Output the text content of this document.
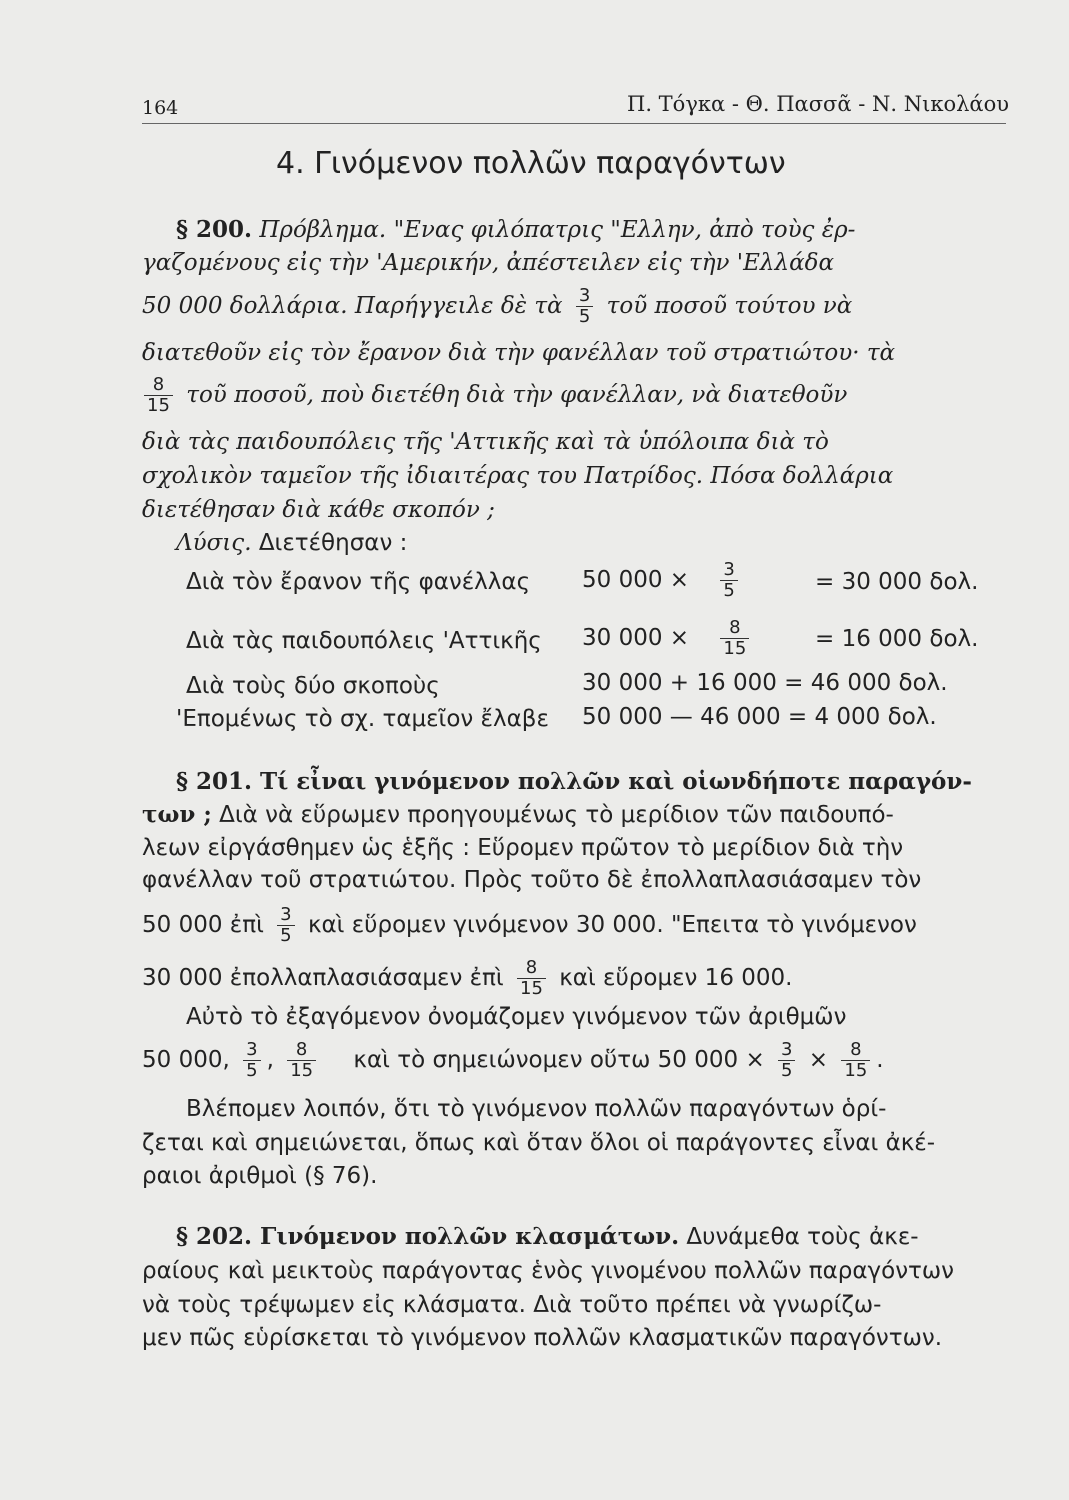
164	Π. Τόγκα - Θ. Πασσᾶ - Ν. Νικολάου
4. Γινόμενον πολλῶν παραγόντων
§ 200. Πρόβλημα. "Ενας φιλόπατρις "Ελλην, ἀπὸ τοὺς ἐρ-
γαζομένους εἰς τὴν 'Αμερικήν, ἀπέστειλεν εἰς τὴν 'Ελλάδα
50 000 δολλάρια. Παρήγγειλε δὲ τὰ $\frac{3}{5}$ τοῦ ποσοῦ τούτου νὰ
διατεθοῦν εἰς τὸν ἔρανον διὰ τὴν φανέλλαν τοῦ στρατιώτου· τὰ
$\frac{8}{15}$ τοῦ ποσοῦ, ποὺ διετέθη διὰ τὴν φανέλλαν, νὰ διατεθοῦν
διὰ τὰς παιδουπόλεις τῆς 'Αττικῆς καὶ τὰ ὑπόλοιπα διὰ τὸ
σχολικὸν ταμεῖον τῆς ἰδιαιτέρας του Πατρίδος. Πόσα δολλάρια
διετέθησαν διὰ κάθε σκοπόν ;
Λύσις. Διετέθησαν :
Διὰ τὸν ἔρανον τῆς φανέλλας 50 $000 \times \frac{3}{5}$	= 30 000 δολ.
Διὰ τὰς παιδουπόλεις 'Αττικῆς 30 $000 \times \frac{8}{15}$	= 16 000 δολ.
Διὰ τοὺς δύο σκοποὺς	30 000 + 16 000 = 46 000 δολ.
'Επομένως τὸ σχ. ταμεῖον ἔλαβε 50 000 — 46 000 = 4 000 δολ.
§ 201. Τί εἶναι γινόμενον πολλῶν καὶ οἱωνδήποτε παραγόν-
των ; Διὰ νὰ εὕρωμεν προηγουμένως τὸ μερίδιον τῶν παιδουπό-
λεων εἰργάσθημεν ὡς ἑξῆς : Εὕρομεν πρῶτον τὸ μερίδιον διὰ τὴν
φανέλλαν τοῦ στρατιώτου. Πρὸς τοῦτο δὲ ἐπολλαπλασιάσαμεν τὸν
50 000 ἐπὶ $\frac{3}{5}$ καὶ εὕρομεν γινόμενον 30 000. "Επειτα τὸ γινόμενον
30 000 ἐπολλαπλασιάσαμεν ἐπὶ $\frac{8}{15}$ καὶ εὕρομεν 16 000.
Αὐτὸ τὸ ἐξαγόμενον ὀνομάζομεν γινόμενον τῶν ἀριθμῶν
50 000, $\frac{3}{5}$ , $\frac{8}{15}$ καὶ τὸ σημειώνομεν οὕτω 50 $000 \times \frac{3}{5} \times \frac{8}{15}$ .
Βλέπομεν λοιπόν, ὅτι τὸ γινόμενον πολλῶν παραγόντων ὁρί-
ζεται καὶ σημειώνεται, ὅπως καὶ ὅταν ὅλοι οἱ παράγοντες εἶναι ἀκέ-
ραιοι ἀριθμοὶ (§ 76).
§ 202. Γινόμενον πολλῶν κλασμάτων. Δυνάμεθα τοὺς ἀκε-
ραίους καὶ μεικτοὺς παράγοντας ἑνὸς γινομένου πολλῶν παραγόντων
νὰ τοὺς τρέψωμεν εἰς κλάσματα. Διὰ τοῦτο πρέπει νὰ γνωρίζω-
μεν πῶς εὑρίσκεται τὸ γινόμενον πολλῶν κλασματικῶν παραγόντων.
